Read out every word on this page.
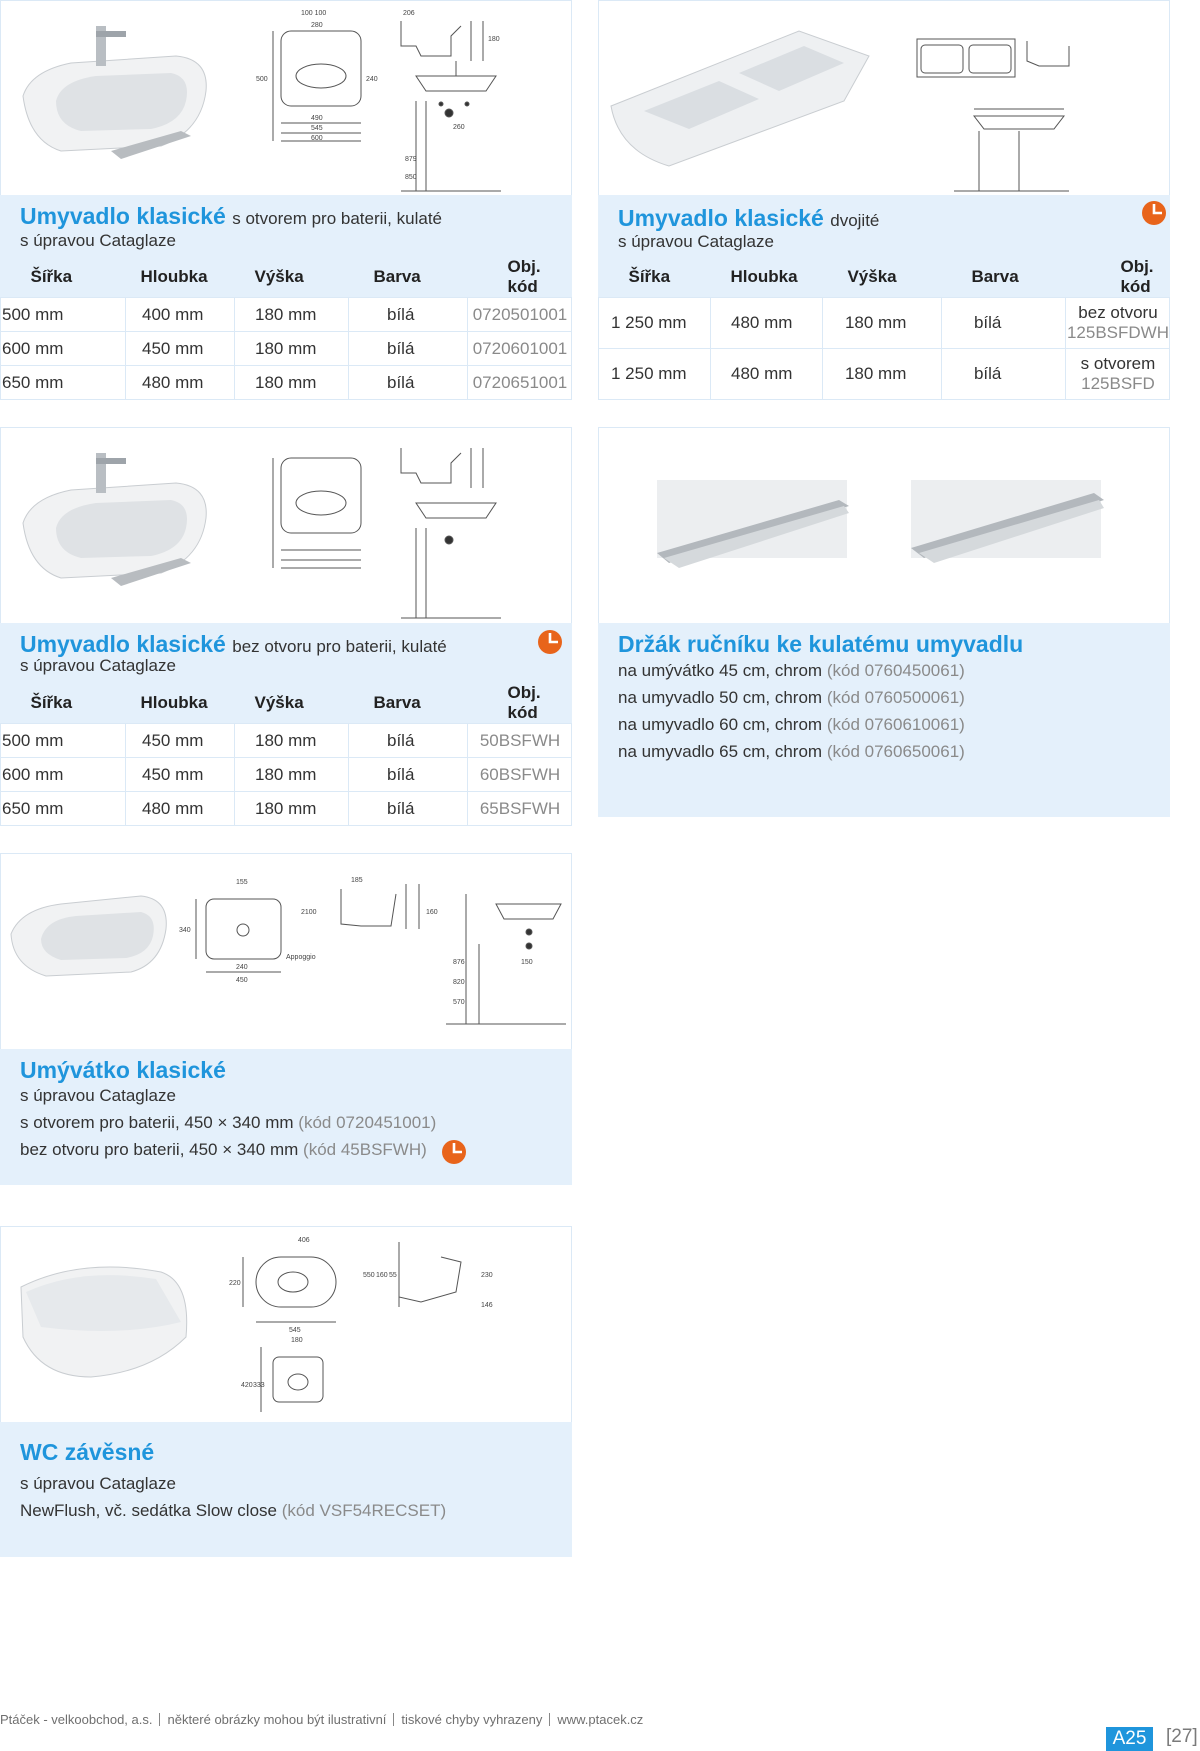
100 100
280
206
500	240
490
545
600
879
850
260
180
Umyvadlo klasické s otvorem pro baterii, kulaté
s úpravou Cataglaze
Šířka	Hloubka	Výška	Barva	Obj. kód
500 mm	400 mm	180 mm	bílá	0720501001
600 mm	450 mm	180 mm	bílá	0720601001
650 mm	480 mm	180 mm	bílá	0720651001
Umyvadlo klasické dvojité
s úpravou Cataglaze
Šířka	Hloubka	Výška	Barva	Obj. kód
1 250 mm	480 mm	180 mm	bílá	bez otvoru
125BSFDWH
1 250 mm	480 mm	180 mm	bílá	s otvorem
125BSFD
Umyvadlo klasické bez otvoru pro baterii, kulaté
s úpravou Cataglaze
Šířka	Hloubka	Výška	Barva	Obj. kód
500 mm	450 mm	180 mm	bílá	50BSFWH
600 mm	450 mm	180 mm	bílá	60BSFWH
650 mm	480 mm	180 mm	bílá	65BSFWH
Držák ručníku ke kulatému umyvadlu
na umývátko 45 cm, chrom (kód 0760450061)
na umyvadlo 50 cm, chrom (kód 0760500061)
na umyvadlo 60 cm, chrom (kód 0760610061)
na umyvadlo 65 cm, chrom (kód 0760650061)
155	185
340
240
450
Appoggio
150
876
820
570
2100	160
Umývátko klasické
s úpravou Cataglaze
s otvorem pro baterii, 450 × 340 mm (kód 0720451001)
bez otvoru pro baterii, 450 × 340 mm (kód 45BSFWH)
406
220
545
180
550 160 55	230
420 333
146
WC závěsné
s úpravou Cataglaze
NewFlush, vč. sedátka Slow close (kód VSF54RECSET)
Ptáček - velkoobchod, a.s. některé obrázky mohou být ilustrativní tiskové chyby vyhrazeny www.ptacek.cz
A25	[27]
